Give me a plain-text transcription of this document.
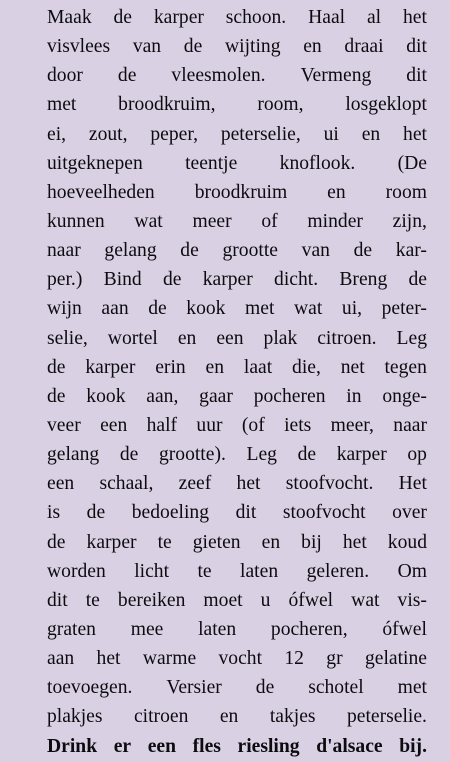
Maak de karper schoon. Haal al het
visvlees van de wijting en draai dit
door de vleesmolen. Vermeng dit
met broodkruim, room, losgeklopt
ei, zout, peper, peterselie, ui en het
uitgeknepen teentje knoflook. (De
hoeveelheden broodkruim en room
kunnen wat meer of minder zijn,
naar gelang de grootte van de kar-
per.) Bind de karper dicht. Breng de
wijn aan de kook met wat ui, peter-
selie, wortel en een plak citroen. Leg
de karper erin en laat die, net tegen
de kook aan, gaar pocheren in onge-
veer een half uur (of iets meer, naar
gelang de grootte). Leg de karper op
een schaal, zeef het stoofvocht. Het
is de bedoeling dit stoofvocht over
de karper te gieten en bij het koud
worden licht te laten geleren. Om
dit te bereiken moet u ófwel wat vis-
graten mee laten pocheren, ófwel
aan het warme vocht 12 gr gelatine
toevoegen. Versier de schotel met
plakjes citroen en takjes peterselie.
Drink er een fles riesling d'alsace bij.
